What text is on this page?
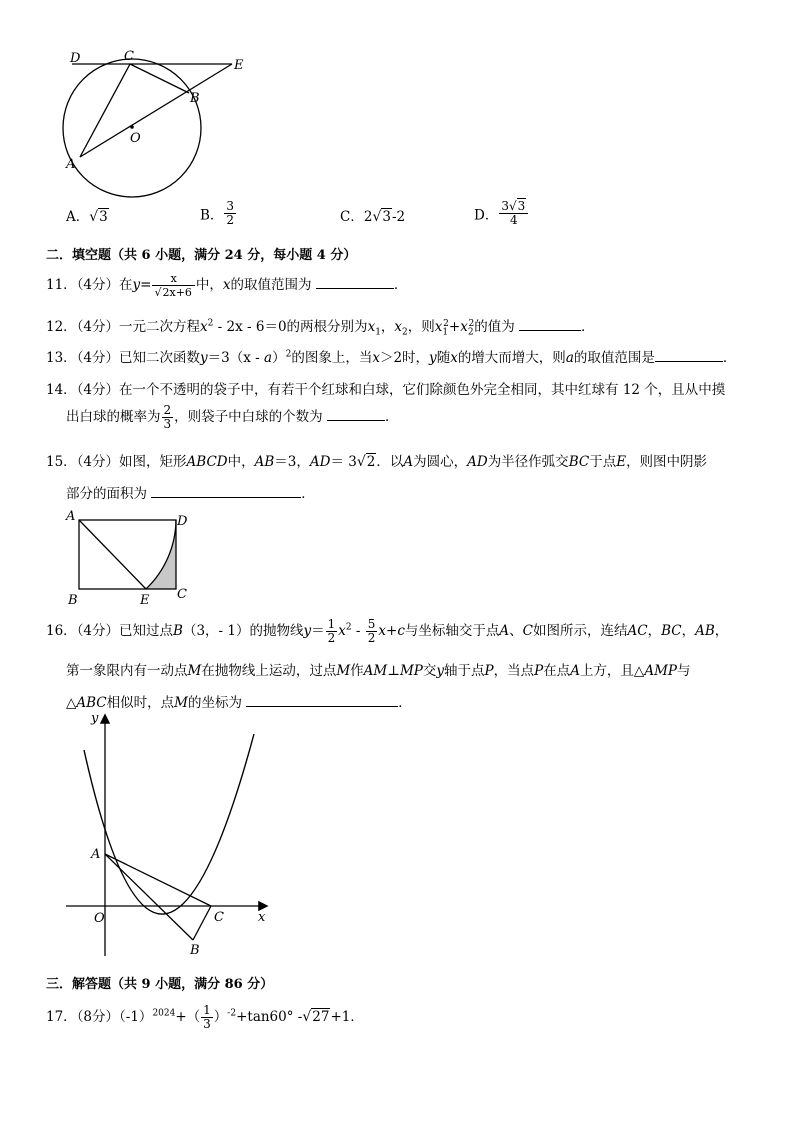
D	C
E
B
O
A
A．√3	B． $\frac{3}{2}$	C．2√3-2	D． $\frac{3√3}{4}$
二．填空题（共 6 小题，满分 24 分，每小题 4 分）
11．（4分）在$y= \frac{x}{√2x+6}$ 中，x的取值范围为	．
12．（4分）一元二次方程$x^2 - 2x - 6=0$的两根分别为$x_1$，$x_2$，则$x_1^2+x_2^2$的值为	．
13．（4分）已知二次函数y＝3（x - a）$^2$的图象上，当x＞2时，y随x的增大而增大，则a的取值范围是	．
14．（4分）在一个不透明的袋子中，有若干个红球和白球，它们除颜色外完全相同，其中红球有 12 个，且从中摸
出白球的概率为 $\frac{2}{3}$ ，则袋子中白球的个数为	．
15．（4分）如图，矩形ABCD中，AB＝3，AD＝ 3√2．以A为圆心，AD为半径作弧交BC于点E，则图中阴影
部分的面积为	．
A	D
B	E C
16．（4分）已知过点B（3，- 1）的抛物线$y= \frac{1}{2} x^2 - \frac{5}{2} x+c$与坐标轴交于点A、C如图所示，连结AC，BC，AB，
第一象限内有一动点M在抛物线上运动，过点M作AM⊥MP交y轴于点P，当点P在点A上方，且△AMP与
△ABC相似时，点M的坐标为	．
y
A
O	C	x
B
三．解答题（共 9 小题，满分 86 分）
17．（8分）$(-1)^{2024}+( \frac{1}{3} )^{-2}+\tan 60^\circ$ -√27+1．
